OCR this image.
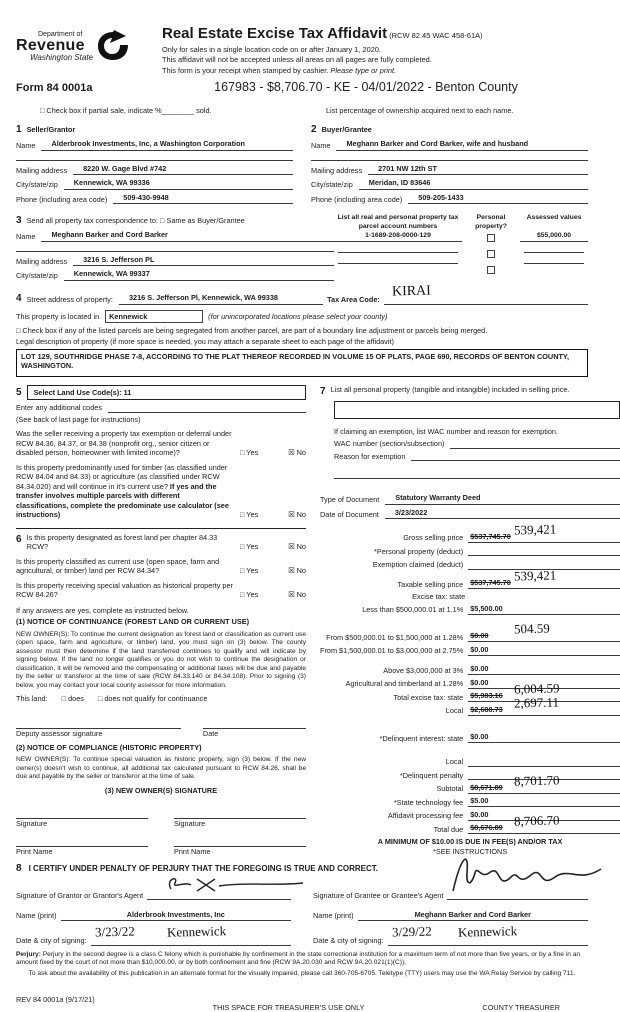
Department of
Revenue
Washington State
Real Estate Excise Tax Affidavit (RCW 82.45 WAC 458-61A)
Only for sales in a single location code on or after January 1, 2020.
This affidavit will not be accepted unless all areas on all pages are fully completed.
This form is your receipt when stamped by cashier. Please type or print.
Form 84 0001a	167983 - $8,706.70 - KE - 04/01/2022 - Benton County
□ Check box if partial sale, indicate %________ sold.	List percentage of ownership acquired next to each name.
1 Seller/Grantor
Name	Alderbrook Investments, Inc, a Washington Corporation
Mailing address	8220 W. Gage Blvd #742
City/state/zip	Kennewick, WA 99336
Phone (including area code)	509-430-9948
2 Buyer/Grantee
Name	Meghann Barker and Cord Barker, wife and husband
Mailing address	2701 NW 12th ST
City/state/zip	Meridan, ID 83646
Phone (including area code)	509-205-1433
3 Send all property tax correspondence to: □ Same as Buyer/Grantee
Name	Meghann Barker and Cord Barker
Mailing address	3216 S. Jefferson PL
City/state/zip	Kennewick, WA 99337
List all real and personal property tax parcel account numbers
1-1689-208-0000-129
Personal property?
Assessed values
$55,000.00
4 Street address of property:	3216 S. Jefferson Pl, Kennewick, WA 99338	Tax Area Code:
KIRAI
This property is located in	Kennewick	(for unincorporated locations please select your county)
□ Check box if any of the listed parcels are being segregated from another parcel, are part of a boundary line adjustment or parcels being merged.
Legal description of property (if more space is needed, you may attach a separate sheet to each page of the affidavit)
LOT 129, SOUTHRIDGE PHASE 7-8, ACCORDING TO THE PLAT THEREOF RECORDED IN VOLUME 15 OF PLATS, PAGE 690, RECORDS OF BENTON COUNTY, WASHINGTON.
5	Select Land Use Code(s): 11
Enter any additional codes
(See back of last page for instructions)
Was the seller receiving a property tax exemption or deferral under RCW 84.36, 84.37, or 84.38 (nonprofit org., senior citizen or disabled person, homeowner with limited income)?	□ Yes	☒ No
Is this property predominantly used for timber (as classified under RCW 84.04 and 84.33) or agriculture (as classified under RCW 84.34.020) and will continue in it's current use? If yes and the transfer involves multiple parcels with different classifications, complete the predominate use calculator (see instructions)	□ Yes	☒ No
6 Is this property designated as forest land per chapter 84.33 RCW?	□ Yes	☒ No
Is this property classified as current use (open space, farm and agricultural, or timber) land per RCW 84.34?	□ Yes	☒ No
Is this property receiving special valuation as historical property per RCW 84.26?	□ Yes	☒ No
If any answers are yes, complete as instructed below.
(1) NOTICE OF CONTINUANCE (FOREST LAND OR CURRENT USE)
NEW OWNER(S): To continue the current designation as forest land or classification as current use (open space, farm and agriculture, or timber) land, you must sign on (3) below. The county assessor must then determine if the land transferred continues to qualify and will indicate by signing below. If the land no longer qualifies or you do not wish to continue the designation or classification, it will be removed and the compensating or additional taxes will be due and payable by the seller or transferor at the time of sale (RCW 84.33.140 or 84.34.108). Prior to signing (3) below, you may contact your local county assessor for more information.
This land: □ does □ does not qualify for continuance
Deputy assessor signature	Date
(2) NOTICE OF COMPLIANCE (HISTORIC PROPERTY)
NEW OWNER(S): To continue special valuation as historic property, sign (3) below. If the new owner(s) doesn't wish to continue, all additional tax calculated pursuant to RCW 84.26, shall be due and payable by the seller or transferor at the time of sale.
(3) NEW OWNER(S) SIGNATURE
Signature	Signature
Print Name	Print Name
7 List all personal property (tangible and intangible) included in selling price.
If claiming an exemption, list WAC number and reason for exemption.
WAC number (section/subsection)
Reason for exemption
Type of Document	Statutory Warranty Deed
Date of Document	3/23/2022
Gross selling price $537,745.70 539,421
*Personal property (deduct)
Exemption claimed (deduct)
Taxable selling price $537,745.70 539,421
Excise tax: state
Less than $500,000.01 at 1.1% $5,500.00
From $500,000.01 to $1,500,000 at 1.28% $0.00 504.59
From $1,500,000.01 to $3,000,000 at 2.75% $0.00
Above $3,000,000 at 3% $0.00
Agricultural and timberland at 1.28% $0.00
Total excise tax: state $5,983.16 6,004.59
Local $2,688.73 2,697.11
*Delinquent interest: state $0.00
Local
*Delinquent penalty
Subtotal $8,671.89 8,701.70
*State technology fee $5.00
Affidavit processing fee $0.00
Total due $8,676.89 8,706.70
A MINIMUM OF $10.00 IS DUE IN FEE(S) AND/OR TAX
*SEE INSTRUCTIONS
8 I CERTIFY UNDER PENALTY OF PERJURY THAT THE FOREGOING IS TRUE AND CORRECT.
Signature of Grantor or Grantor's Agent
Name (print)	Alderbrook Investments, Inc
Date & city of signing:
3/23/22 Kennewick
Signature of Grantee or Grantee's Agent
Name (print)	Meghann Barker and Cord Barker
Date & city of signing:
3/29/22 Kennewick
Perjury: Perjury in the second degree is a class C felony which is punishable by confinement in the state correctional institution for a maximum term of not more than five years, or by a fine in an amount fixed by the court of not more than $10,000.00, or by both confinement and fine (RCW 9A.20.030 and RCW 9A.20.021(1)(C)).
To ask about the availability of this publication in an alternate format for the visually impaired, please call 360-705-6705. Teletype (TTY) users may use the WA Relay Service by calling 711.
REV 84 0001a (9/17/21)
THIS SPACE FOR TREASURER'S USE ONLY	COUNTY TREASURER
